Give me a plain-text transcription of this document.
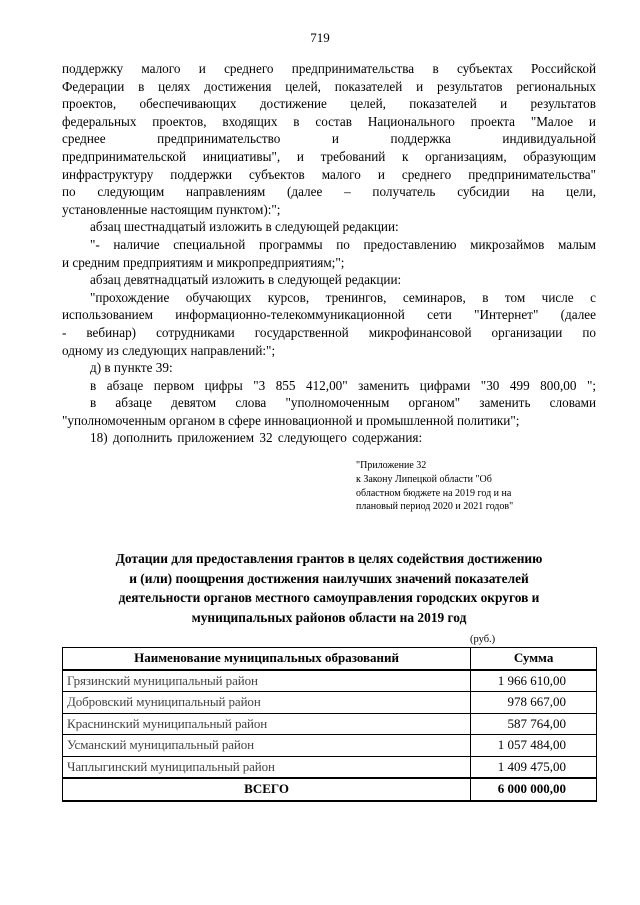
719

поддержку малого и среднего предпринимательства в субъектах Российской

Федерации в целях достижения целей, показателей и результатов региональных

проектов, обеспечивающих достижение целей, показателей и результатов

федеральных проектов, входящих в состав Национального проекта "Малое и

среднее предпринимательство и поддержка индивидуальной

предпринимательской инициативы", и требований к организациям, образующим

инфраструктуру поддержки субъектов малого и среднего предпринимательства"

по следующим направлениям (далее – получатель субсидии на цели,

установленные настоящим пунктом):";

абзац шестнадцатый изложить в следующей редакции:

"- наличие специальной программы по предоставлению микрозаймов малым

и средним предприятиям и микропредприятиям;";

абзац девятнадцатый изложить в следующей редакции:

"прохождение обучающих курсов, тренингов, семинаров, в том числе с

использованием информационно-телекоммуникационной сети "Интернет" (далее

- вебинар) сотрудниками государственной микрофинансовой организации по

одному из следующих направлений:";

д) в пункте 39:

в абзаце первом цифры "3 855 412,00" заменить цифрами "30 499 800,00 ";

в абзаце девятом слова "уполномоченным органом" заменить словами

"уполномоченным органом в сфере инновационной и промышленной политики";

18) дополнить приложением 32 следующего содержания:

"Приложение 32
к Закону Липецкой области "Об
областном бюджете на 2019 год и на
плановый период 2020 и 2021 годов"
Дотации для предоставления грантов в целях содействия достижению
и (или) поощрения достижения наилучших значений показателей
деятельности органов местного самоуправления городских округов и
муниципальных районов области на 2019 год
(руб.)
Наименование муниципальных образований	Сумма
Грязинский муниципальный район	1 966 610,00
Добровский муниципальный район	978 667,00
Краснинский муниципальный район	587 764,00
Усманский муниципальный район	1 057 484,00
Чаплыгинский муниципальный район	1 409 475,00
ВСЕГО	6 000 000,00
